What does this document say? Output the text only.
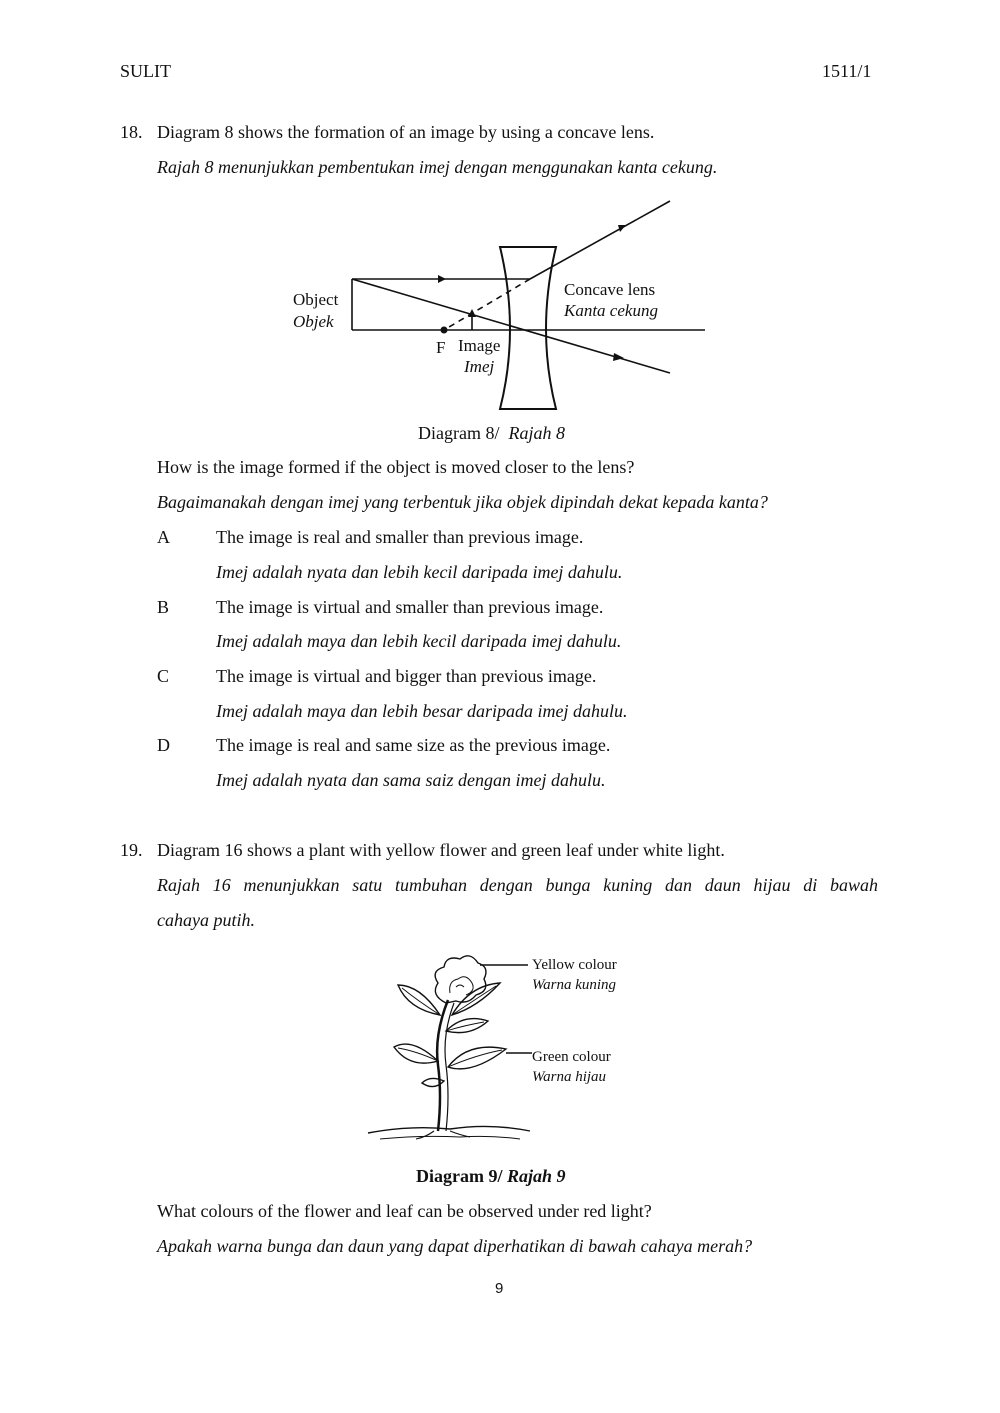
SULIT	1511/1
18. Diagram 8 shows the formation of an image by using a concave lens.
Rajah 8 menunjukkan pembentukan imej dengan menggunakan kanta cekung.
Object
Objek
F Image
Imej
Concave lens
Kanta cekung
Diagram 8/ Rajah 8
How is the image formed if the object is moved closer to the lens?
Bagaimanakah dengan imej yang terbentuk jika objek dipindah dekat kepada kanta?
A	The image is real and smaller than previous image.
Imej adalah nyata dan lebih kecil daripada imej dahulu.
B	The image is virtual and smaller than previous image.
Imej adalah maya dan lebih kecil daripada imej dahulu.
C	The image is virtual and bigger than previous image.
Imej adalah maya dan lebih besar daripada imej dahulu.
D	The image is real and same size as the previous image.
Imej adalah nyata dan sama saiz dengan imej dahulu.
19. Diagram 16 shows a plant with yellow flower and green leaf under white light.
Rajah 16 menunjukkan satu tumbuhan dengan bunga kuning dan daun hijau di bawah
cahaya putih.
Yellow colour
Warna kuning
Green colour
Warna hijau
Diagram 9/ Rajah 9
What colours of the flower and leaf can be observed under red light?
Apakah warna bunga dan daun yang dapat diperhatikan di bawah cahaya merah?
9
